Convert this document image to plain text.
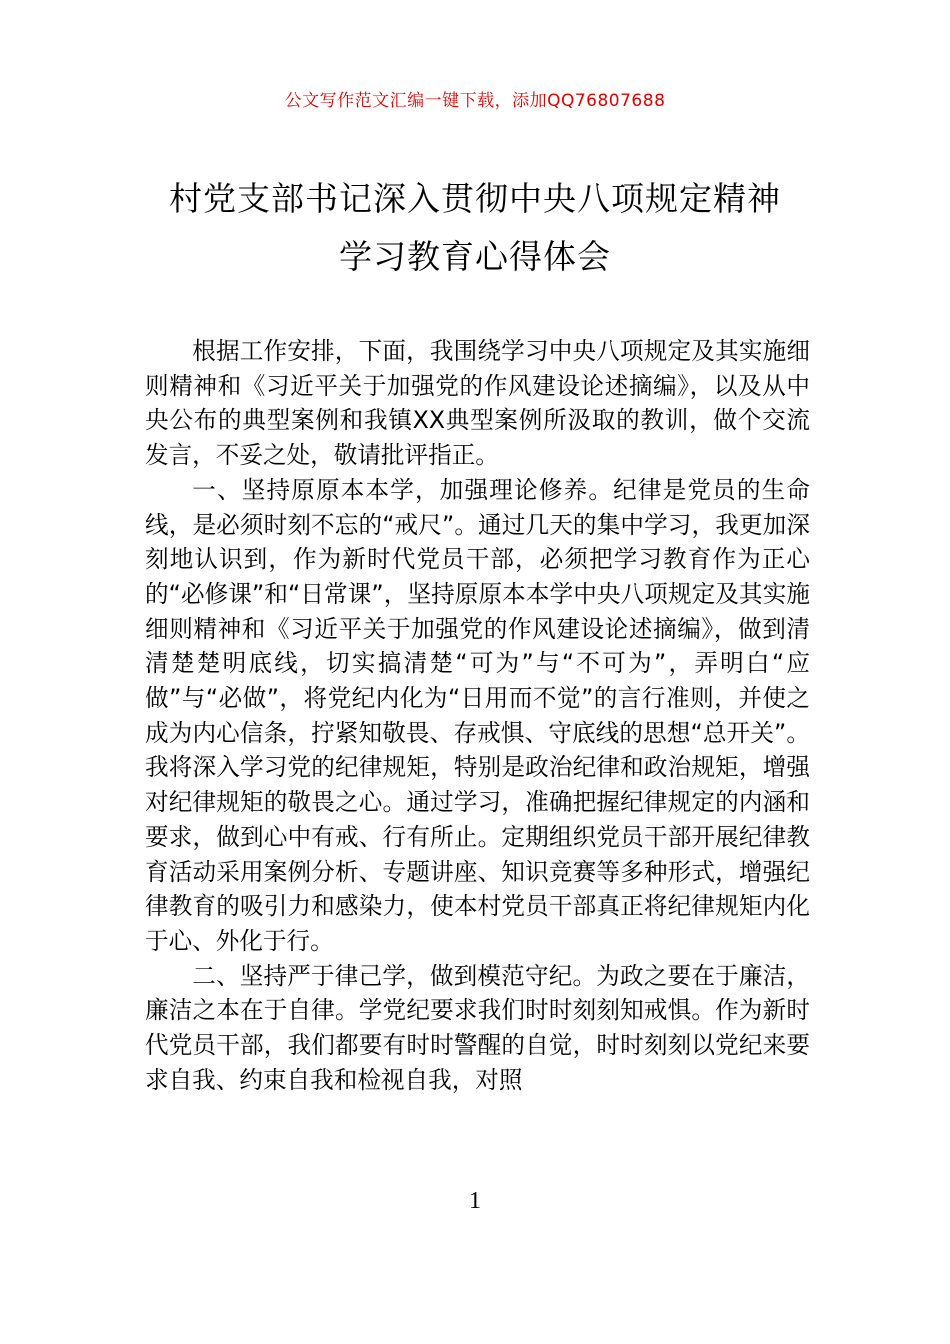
公文写作范文汇编一键下载，添加QQ76807688
村党支部书记深入贯彻中央八项规定精神
学习教育心得体会

根据工作安排，下面，我围绕学习中央八项规定及其实施细则精神和《习近平关于加强党的作风建设论述摘编》，以及从中央公布的典型案例和我镇XX典型案例所汲取的教训，做个交流发言，不妥之处，敬请批评指正。

一、坚持原原本本学，加强理论修养。纪律是党员的生命线，是必须时刻不忘的“戒尺”。通过几天的集中学习，我更加深刻地认识到，作为新时代党员干部，必须把学习教育作为正心的“必修课”和“日常课”，坚持原原本本学中央八项规定及其实施细则精神和《习近平关于加强党的作风建设论述摘编》，做到清清楚楚明底线，切实搞清楚“可为”与“不可为”，弄明白“应做”与“必做”，将党纪内化为“日用而不觉”的言行准则，并使之成为内心信条，拧紧知敬畏、存戒惧、守底线的思想“总开关”。我将深入学习党的纪律规矩，特别是政治纪律和政治规矩，增强对纪律规矩的敬畏之心。通过学习，准确把握纪律规定的内涵和要求，做到心中有戒、行有所止。定期组织党员干部开展纪律教育活动采用案例分析、专题讲座、知识竞赛等多种形式，增强纪律教育的吸引力和感染力，使本村党员干部真正将纪律规矩内化于心、外化于行。

二、坚持严于律己学，做到模范守纪。为政之要在于廉洁，廉洁之本在于自律。学党纪要求我们时时刻刻知戒惧。作为新时代党员干部，我们都要有时时警醒的自觉，时时刻刻以党纪来要求自我、约束自我和检视自我，对照

1
